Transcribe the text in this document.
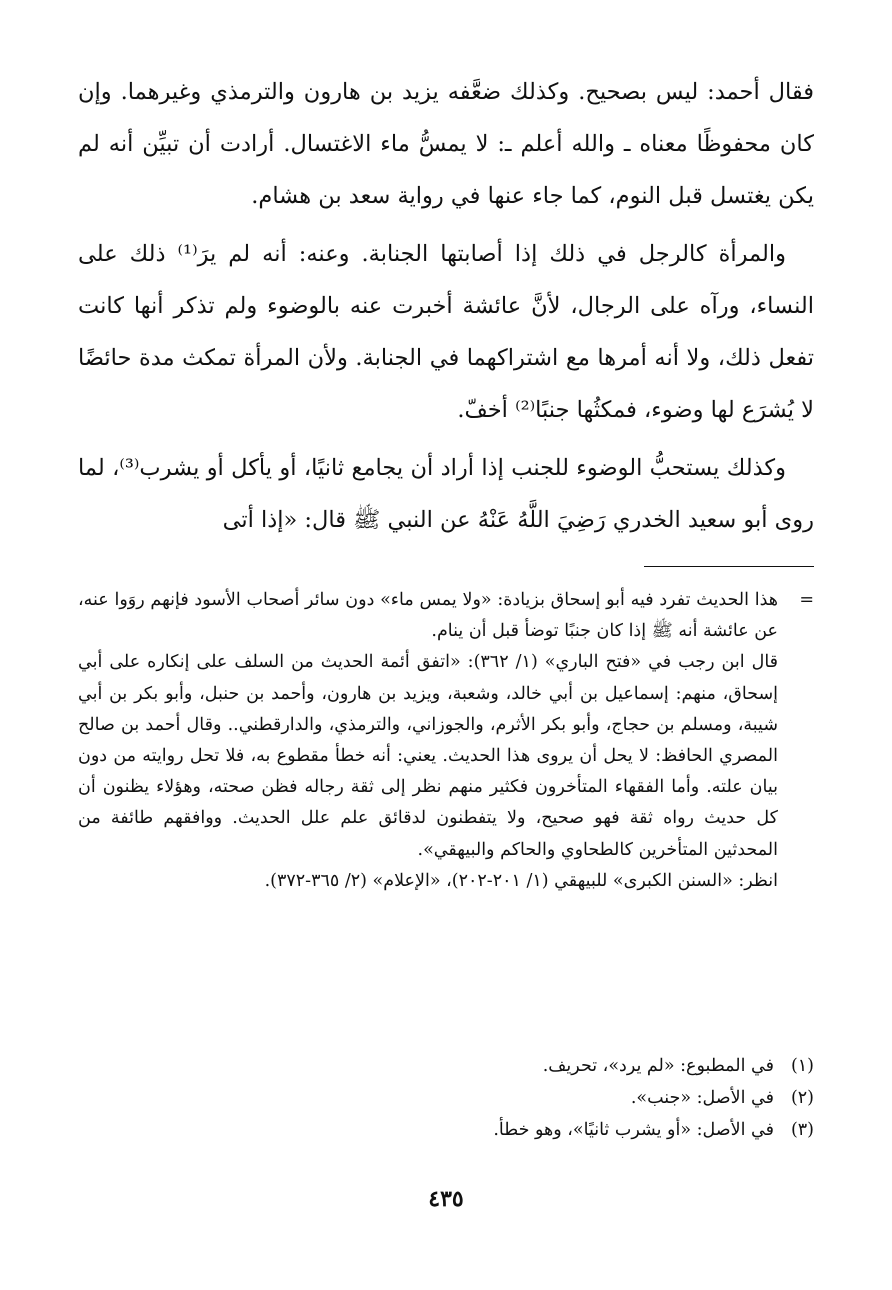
فقال أحمد: ليس بصحيح. وكذلك ضعَّفه يزيد بن هارون والترمذي وغيرهما. وإن كان محفوظًا معناه ـ والله أعلم ـ: لا يمسُّ ماء الاغتسال. أرادت أن تبيِّن أنه لم يكن يغتسل قبل النوم، كما جاء عنها في رواية سعد بن هشام.

والمرأة كالرجل في ذلك إذا أصابتها الجنابة. وعنه: أنه لم يرَ⁽¹⁾ ذلك على النساء، ورآه على الرجال، لأنَّ عائشة أخبرت عنه بالوضوء ولم تذكر أنها كانت تفعل ذلك، ولا أنه أمرها مع اشتراكهما في الجنابة. ولأن المرأة تمكث مدة حائضًا لا يُشرَع لها وضوء، فمكثُها جنبًا⁽²⁾ أخفّ.

وكذلك يستحبُّ الوضوء للجنب إذا أراد أن يجامع ثانيًا، أو يأكل أو يشرب⁽³⁾، لما روى أبو سعيد الخدري رَضِيَ اللَّهُ عَنْهُ عن النبي ﷺ قال: «إذا أتى

=

هذا الحديث تفرد فيه أبو إسحاق بزيادة: «ولا يمس ماء» دون سائر أصحاب الأسود فإنهم روَوا عنه، عن عائشة أنه ﷺ إذا كان جنبًا توضأ قبل أن ينام.

قال ابن رجب في «فتح الباري» (١/ ٣٦٢): «اتفق أئمة الحديث من السلف على إنكاره على أبي إسحاق، منهم: إسماعيل بن أبي خالد، وشعبة، ويزيد بن هارون، وأحمد بن حنبل، وأبو بكر بن أبي شيبة، ومسلم بن حجاج، وأبو بكر الأثرم، والجوزاني، والترمذي، والدارقطني.. وقال أحمد بن صالح المصري الحافظ: لا يحل أن يروى هذا الحديث. يعني: أنه خطأ مقطوع به، فلا تحل روايته من دون بيان علته. وأما الفقهاء المتأخرون فكثير منهم نظر إلى ثقة رجاله فظن صحته، وهؤلاء يظنون أن كل حديث رواه ثقة فهو صحيح، ولا يتفطنون لدقائق علم علل الحديث. ووافقهم طائفة من المحدثين المتأخرين كالطحاوي والحاكم والبيهقي».

انظر: «السنن الكبرى» للبيهقي (١/ ٢٠١-٢٠٢)، «الإعلام» (٢/ ٣٦٥-٣٧٢).

(١)في المطبوع: «لم يرد»، تحريف.
(٢)في الأصل: «جنب».
(٣)في الأصل: «أو يشرب ثانيًا»، وهو خطأ.
٤٣٥
